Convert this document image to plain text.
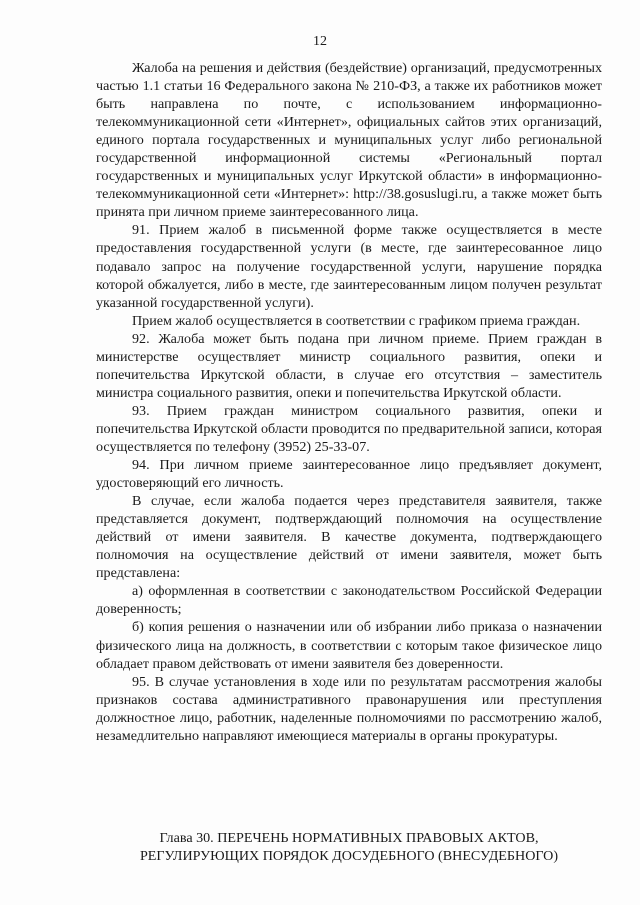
12

Жалоба на решения и действия (бездействие) организаций, предусмотренных частью 1.1 статьи 16 Федерального закона № 210-ФЗ, а также их работников может быть направлена по почте, с использованием информационно-телекоммуникационной сети «Интернет», официальных сайтов этих организаций, единого портала государственных и муниципальных услуг либо региональной государственной информационной системы «Региональный портал государственных и муниципальных услуг Иркутской области» в информационно-телекоммуникационной сети «Интернет»: http://38.gosuslugi.ru, а также может быть принята при личном приеме заинтересованного лица.

91. Прием жалоб в письменной форме также осуществляется в месте предоставления государственной услуги (в месте, где заинтересованное лицо подавало запрос на получение государственной услуги, нарушение порядка которой обжалуется, либо в месте, где заинтересованным лицом получен результат указанной государственной услуги).

Прием жалоб осуществляется в соответствии с графиком приема граждан.

92. Жалоба может быть подана при личном приеме. Прием граждан в министерстве осуществляет министр социального развития, опеки и попечительства Иркутской области, в случае его отсутствия – заместитель министра социального развития, опеки и попечительства Иркутской области.

93. Прием граждан министром социального развития, опеки и попечительства Иркутской области проводится по предварительной записи, которая осуществляется по телефону (3952) 25-33-07.

94. При личном приеме заинтересованное лицо предъявляет документ, удостоверяющий его личность.

В случае, если жалоба подается через представителя заявителя, также представляется документ, подтверждающий полномочия на осуществление действий от имени заявителя. В качестве документа, подтверждающего полномочия на осуществление действий от имени заявителя, может быть представлена:

а) оформленная в соответствии с законодательством Российской Федерации доверенность;

б) копия решения о назначении или об избрании либо приказа о назначении физического лица на должность, в соответствии с которым такое физическое лицо обладает правом действовать от имени заявителя без доверенности.

95. В случае установления в ходе или по результатам рассмотрения жалобы признаков состава административного правонарушения или преступления должностное лицо, работник, наделенные полномочиями по рассмотрению жалоб, незамедлительно направляют имеющиеся материалы в органы прокуратуры.

Глава 30. ПЕРЕЧЕНЬ НОРМАТИВНЫХ ПРАВОВЫХ АКТОВ,
РЕГУЛИРУЮЩИХ ПОРЯДОК ДОСУДЕБНОГО (ВНЕСУДЕБНОГО)
